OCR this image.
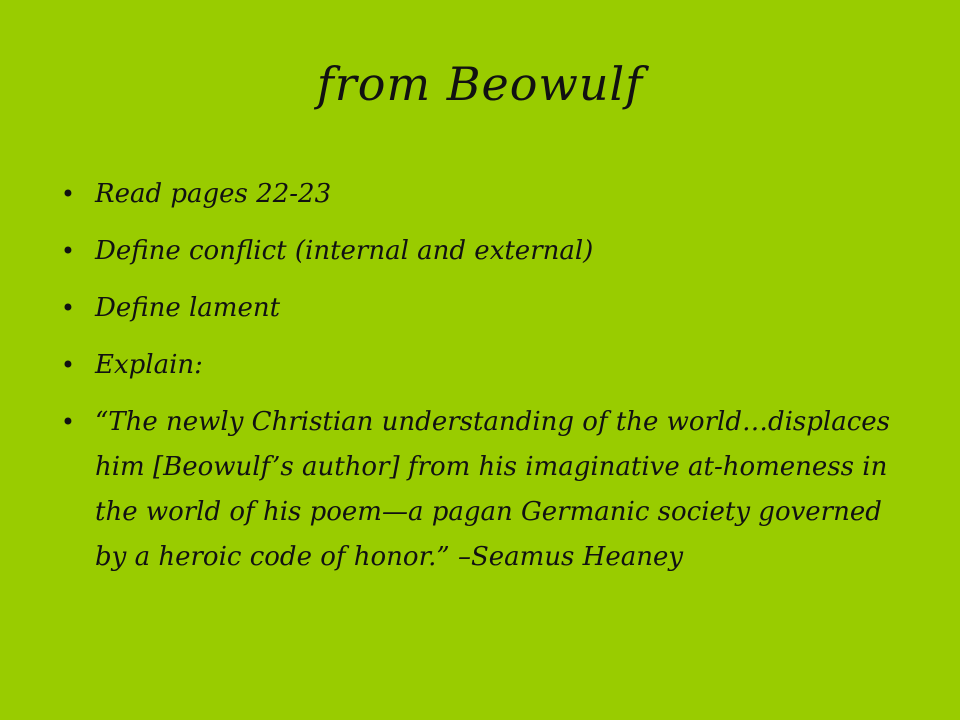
from Beowulf
• Read pages 22-23
• Define conflict (internal and external)
• Define lament
• Explain:
• “The newly Christian understanding of the world…displaces him [Beowulf’s author] from his imaginative at-homeness in the world of his poem—a pagan Germanic society governed by a heroic code of honor.” –Seamus Heaney
